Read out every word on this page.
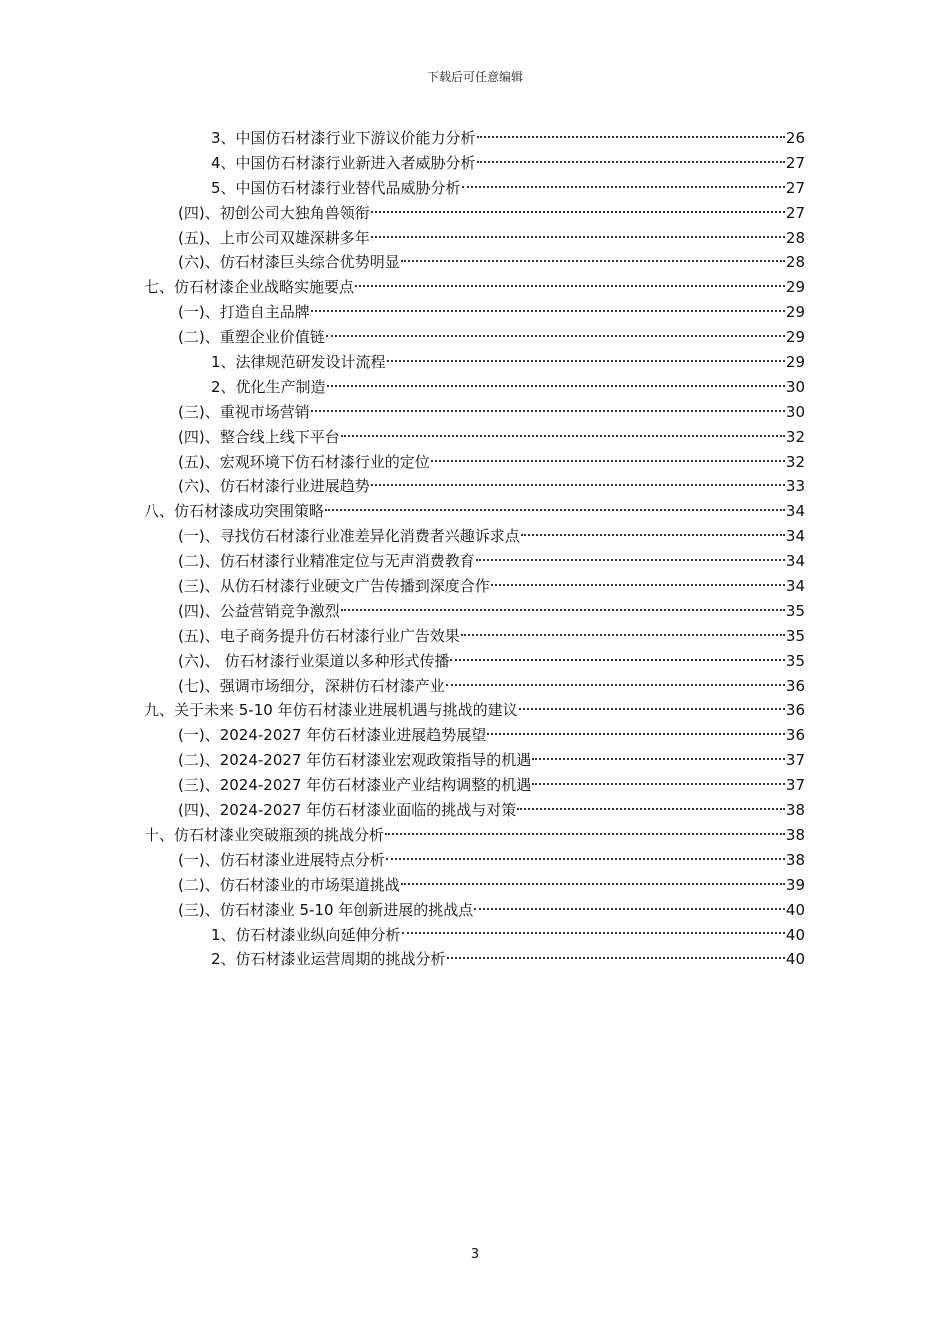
下载后可任意编辑
3、中国仿石材漆行业下游议价能力分析	26
4、中国仿石材漆行业新进入者威胁分析	27
5、中国仿石材漆行业替代品威胁分析	27
(四)、初创公司大独角兽领衔	27
(五)、上市公司双雄深耕多年	28
(六)、仿石材漆巨头综合优势明显	28
七、仿石材漆企业战略实施要点	29
(一)、打造自主品牌	29
(二)、重塑企业价值链	29
1、法律规范研发设计流程	29
2、优化生产制造	30
(三)、重视市场营销	30
(四)、整合线上线下平台	32
(五)、宏观环境下仿石材漆行业的定位	32
(六)、仿石材漆行业进展趋势	33
八、仿石材漆成功突围策略	34
(一)、寻找仿石材漆行业准差异化消费者兴趣诉求点	34
(二)、仿石材漆行业精准定位与无声消费教育	34
(三)、从仿石材漆行业硬文广告传播到深度合作	34
(四)、公益营销竞争激烈	35
(五)、电子商务提升仿石材漆行业广告效果	35
(六)、 仿石材漆行业渠道以多种形式传播	35
(七)、强调市场细分，深耕仿石材漆产业	36
九、关于未来 5-10 年仿石材漆业进展机遇与挑战的建议	36
(一)、2024-2027 年仿石材漆业进展趋势展望	36
(二)、2024-2027 年仿石材漆业宏观政策指导的机遇	37
(三)、2024-2027 年仿石材漆业产业结构调整的机遇	37
(四)、2024-2027 年仿石材漆业面临的挑战与对策	38
十、仿石材漆业突破瓶颈的挑战分析	38
(一)、仿石材漆业进展特点分析	38
(二)、仿石材漆业的市场渠道挑战	39
(三)、仿石材漆业 5-10 年创新进展的挑战点	40
1、仿石材漆业纵向延伸分析	40
2、仿石材漆业运营周期的挑战分析	40
3
